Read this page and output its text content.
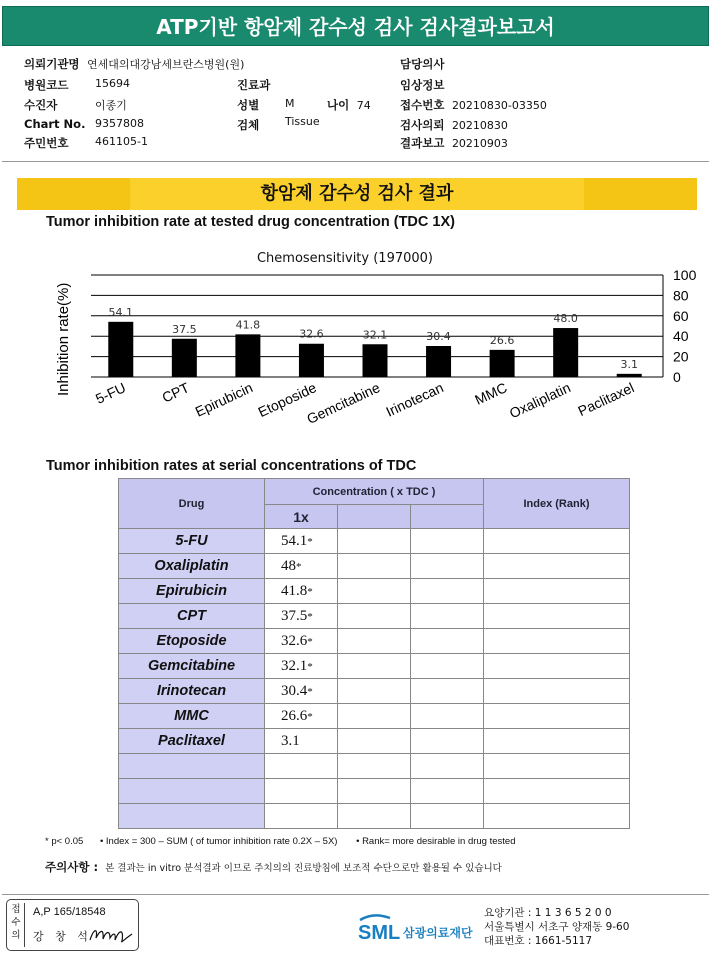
ATP기반 항암제 감수성 검사 검사결과보고서
의뢰기관명 연세대의대강남세브란스병원(원)
병원코드 15694
수진자	이종기
Chart No. 9357808
주민번호 461105-1
진료과
성별 M	나이 74
검체 Tissue
담당의사
임상정보
접수번호 20210830-03350
검사의뢰 20210830
결과보고 20210903
항암제 감수성 검사 결과
Tumor inhibition rate at tested drug concentration (TDC 1X)
Chemosensitivity (197000)
0
20
40
60
80
100
Inhibition rate(%)	54.1
5-FU
37.5
CPT
41.8
Epirubicin
32.6
Etoposide
32.1
Gemcitabine
30.4
Irinotecan
26.6
MMC
48.0
Oxaliplatin
3.1
Paclitaxel
Tumor inhibition rates at serial concentrations of TDC
Drug	Concentration ( x TDC )			Index (Rank)
	1x			
5-FU	54.1*			
Oxaliplatin	48*			
Epirubicin	41.8*			
CPT	37.5*			
Etoposide	32.6*			
Gemcitabine	32.1*			
Irinotecan	30.4*			
MMC	26.6*			
Paclitaxel	3.1			

* p< 0.05 • Index = 300 – SUM ( of tumor inhibition rate 0.2X – 5X) • Rank= more desirable in drug tested
주의사항 : 본 결과는 in vitro 분석결과 이므로 주치의의 진료방침에 보조적 수단으로만 활용될 수 있습니다
접수의
A,P 165/18548
강 창 석	SML 삼광의료재단
요양기관 : 1 1 3 6 5 2 0 0
서울특별시 서초구 양재동 9-60
대표번호 : 1661-5117
